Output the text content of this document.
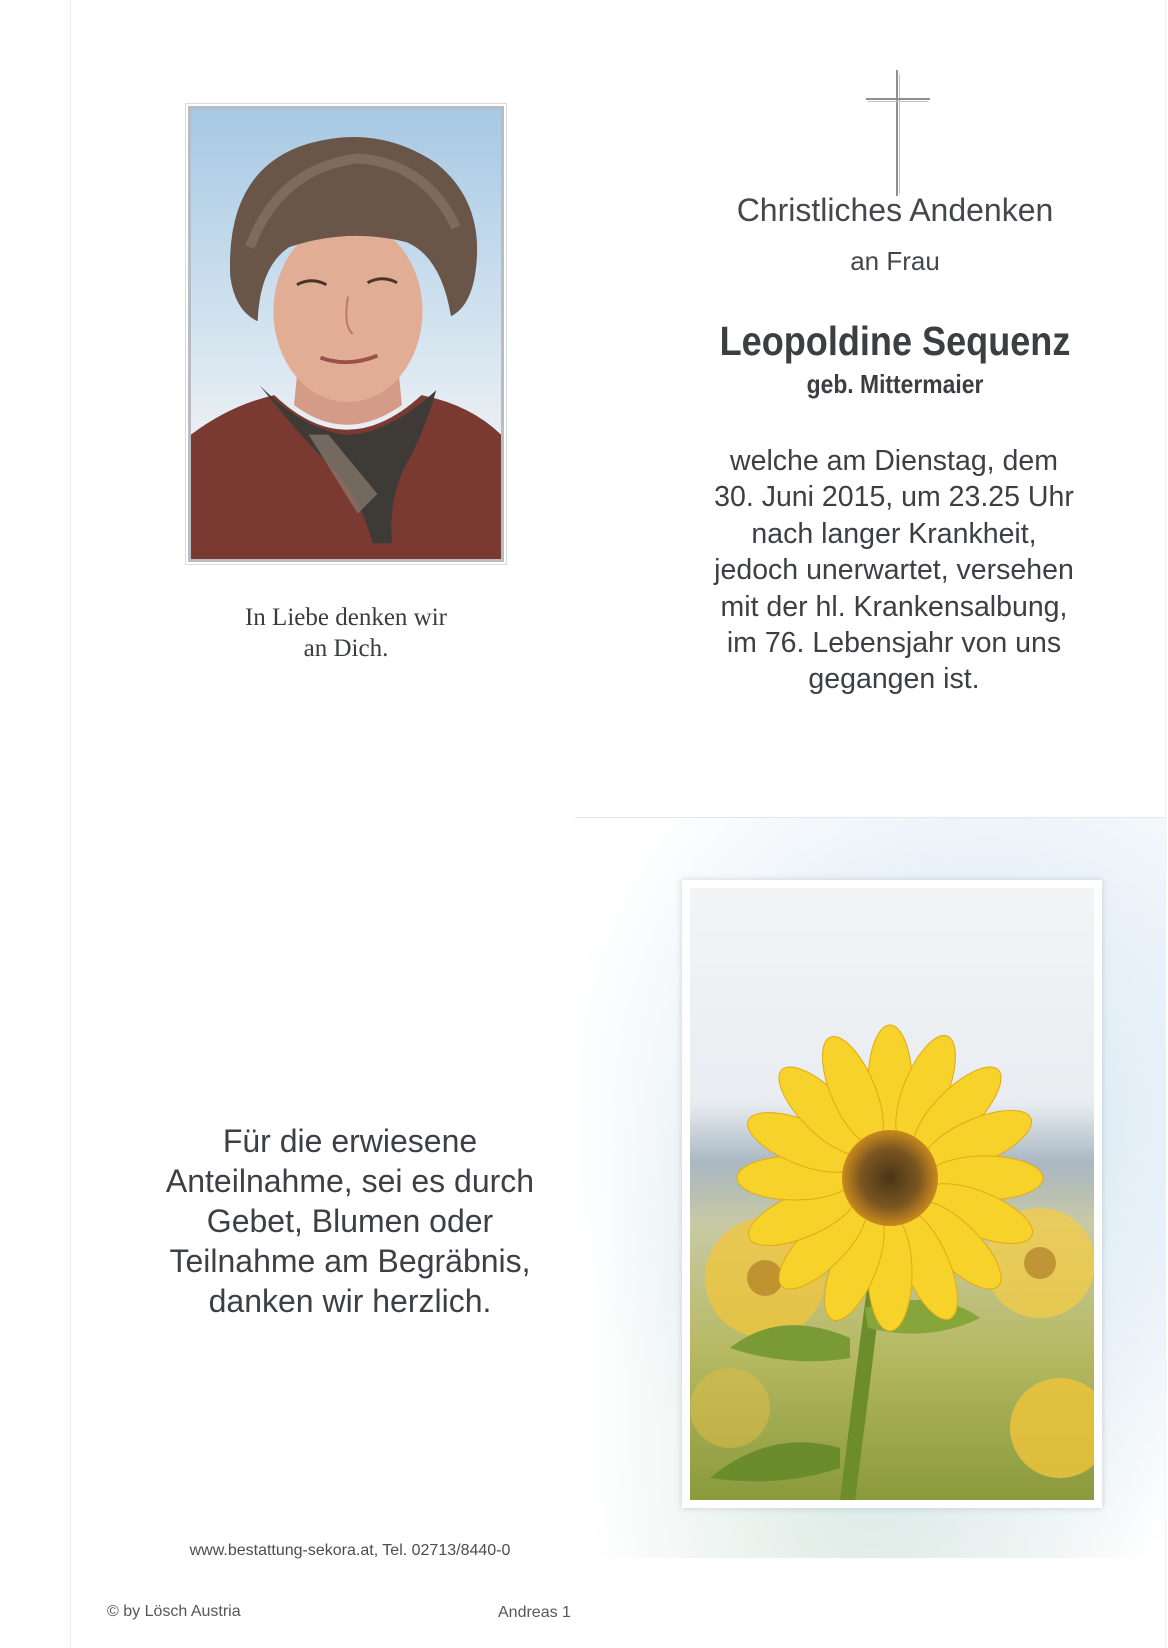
In Liebe denken wir
an Dich.
Christliches Andenken
an Frau
Leopoldine Sequenz
geb. Mittermaier
welche am Dienstag, dem
30. Juni 2015, um 23.25 Uhr
nach langer Krankheit,
jedoch unerwartet, versehen
mit der hl. Krankensalbung,
im 76. Lebensjahr von uns
gegangen ist.
Für die erwiesene
Anteilnahme, sei es durch
Gebet, Blumen oder
Teilnahme am Begräbnis,
danken wir herzlich.
www.bestattung-sekora.at, Tel. 02713/8440-0
© by Lösch Austria	Andreas 1
